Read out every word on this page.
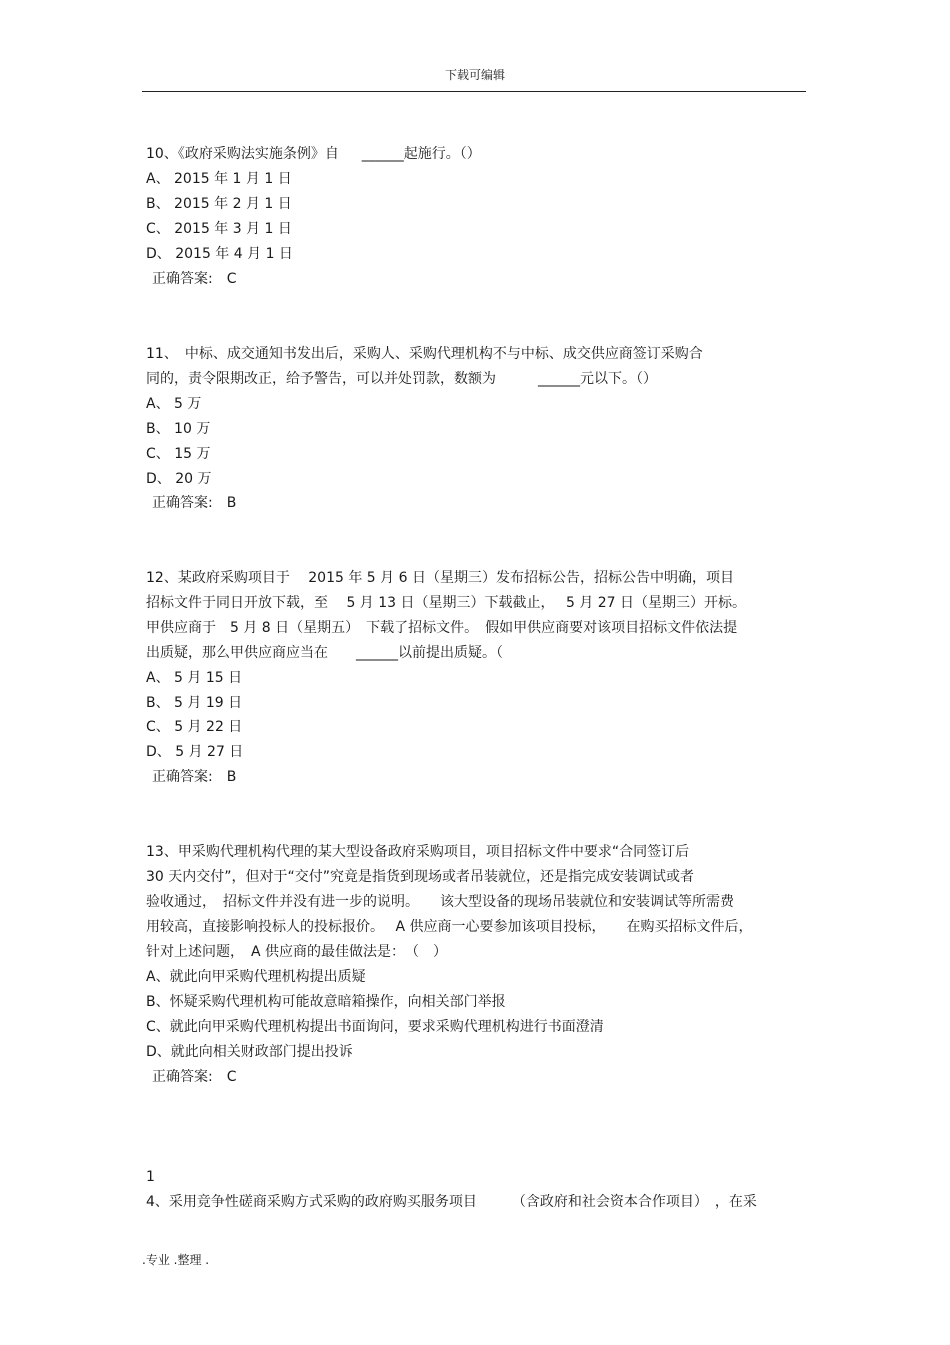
下载可编辑
10、《政府采购法实施条例》自 　 ______起施行。（）
A、 2015 年 1 月 1 日
B、 2015 年 2 月 1 日
C、 2015 年 3 月 1 日
D、 2015 年 4 月 1 日
正确答案:　C
11、　中标、成交通知书发出后，采购人、采购代理机构不与中标、成交供应商签订采购合
同的，责令限期改正，给予警告，可以并处罚款，数额为　　　______元以下。（）
A、 5 万
B、 10 万
C、 15 万
D、 20 万
正确答案:　B
12、某政府采购项目于　 2015 年 5 月 6 日（星期三）发布招标公告，招标公告中明确，项目
招标文件于同日开放下载，至　 5 月 13 日（星期三）下载截止，　 5 月 27 日（星期三）开标。
甲供应商于　5 月 8 日（星期五）　下载了招标文件。　假如甲供应商要对该项目招标文件依法提
出质疑，那么甲供应商应当在　　______以前提出质疑。（
A、 5 月 15 日
B、 5 月 19 日
C、 5 月 22 日
D、 5 月 27 日
正确答案:　B
13、甲采购代理机构代理的某大型设备政府采购项目，项目招标文件中要求“合同签订后
30 天内交付”，但对于“交付”究竟是指货到现场或者吊装就位，还是指完成安装调试或者
验收通过，　招标文件并没有进一步的说明。　　该大型设备的现场吊装就位和安装调试等所需费
用较高，直接影响投标人的投标报价。　 A 供应商一心要参加该项目投标，　　在购买招标文件后，
针对上述问题，　A 供应商的最佳做法是：　（　）
A、就此向甲采购代理机构提出质疑
B、怀疑采购代理机构可能故意暗箱操作，向相关部门举报
C、就此向甲采购代理机构提出书面询问，要求采购代理机构进行书面澄清
D、就此向相关财政部门提出投诉
正确答案:　C
1
4、采用竞争性磋商采购方式采购的政府购买服务项目　　　（含政府和社会资本合作项目）　，在采
.专业 .整理 .
